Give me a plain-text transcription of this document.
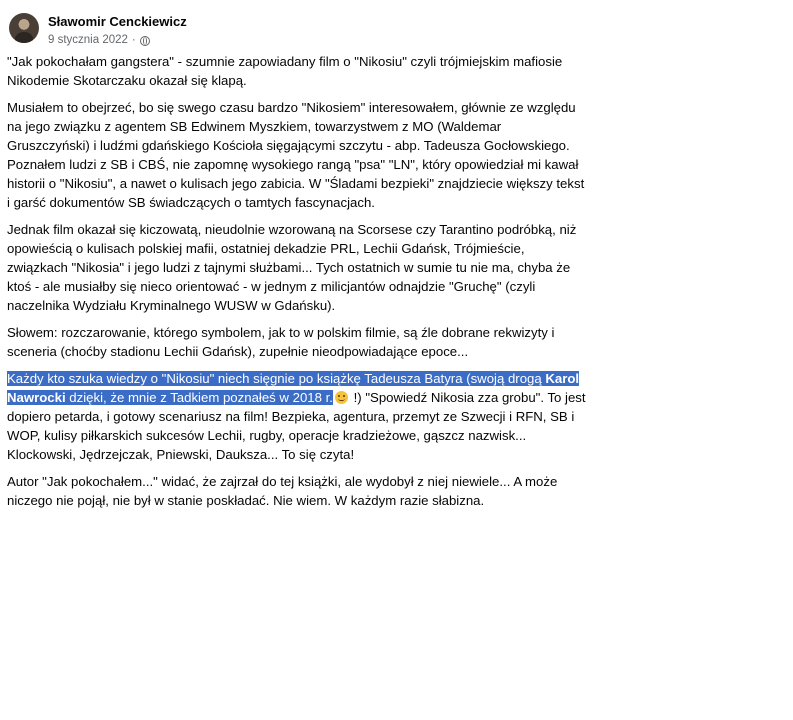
Sławomir Cenckiewicz
9 stycznia 2022 ·

"Jak pokochałam gangstera" - szumnie zapowiadany film o "Nikosiu" czyli trójmiejskim mafiosie Nikodemie Skotarczaku okazał się klapą.

Musiałem to obejrzeć, bo się swego czasu bardzo "Nikosiem" interesowałem, głównie ze względu na jego związku z agentem SB Edwinem Myszkiem, towarzystwem z MO (Waldemar Gruszczyński) i ludźmi gdańskiego Kościoła sięgającymi szczytu - abp. Tadeusza Gocłowskiego. Poznałem ludzi z SB i CBŚ, nie zapomnę wysokiego rangą "psa" "LN", który opowiedział mi kawał historii o "Nikosiu", a nawet o kulisach jego zabicia. W "Śladami bezpieki" znajdziecie większy tekst i garść dokumentów SB świadczących o tamtych fascynacjach.

Jednak film okazał się kiczowatą, nieudolnie wzorowaną na Scorsese czy Tarantino podróbką, niż opowieścią o kulisach polskiej mafii, ostatniej dekadzie PRL, Lechii Gdańsk, Trójmieście, związkach "Nikosia" i jego ludzi z tajnymi służbami... Tych ostatnich w sumie tu nie ma, chyba że ktoś - ale musiałby się nieco orientować - w jednym z milicjantów odnajdzie "Gruchę" (czyli naczelnika Wydziału Kryminalnego WUSW w Gdańsku).

Słowem: rozczarowanie, którego symbolem, jak to w polskim filmie, są źle dobrane rekwizyty i sceneria (choćby stadionu Lechii Gdańsk), zupełnie nieodpowiadające epoce...

Każdy kto szuka wiedzy o "Nikosiu" niech sięgnie po książkę Tadeusza Batyra (swoją drogą Karol Nawrocki dzięki, że mnie z Tadkiem poznałeś w 2018 r. !) "Spowiedź Nikosia zza grobu". To jest dopiero petarda, i gotowy scenariusz na film! Bezpieka, agentura, przemyt ze Szwecji i RFN, SB i WOP, kulisy piłkarskich sukcesów Lechii, rugby, operacje kradzieżowe, gąszcz nazwisk... Klockowski, Jędrzejczak, Pniewski, Dauksza... To się czyta!

Autor "Jak pokochałem..." widać, że zajrzał do tej książki, ale wydobył z niej niewiele... A może niczego nie pojął, nie był w stanie poskładać. Nie wiem. W każdym razie słabizna.
